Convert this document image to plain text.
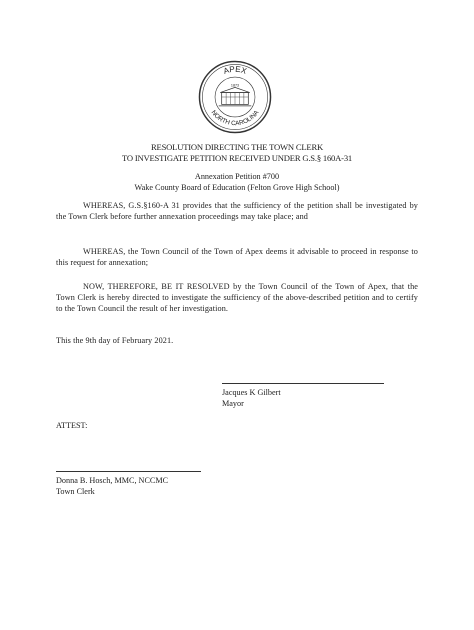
APEX
NORTH CAROLINA
1873
RESOLUTION DIRECTING THE TOWN CLERK
TO INVESTIGATE PETITION RECEIVED UNDER G.S.§ 160A-31
Annexation Petition #700
Wake County Board of Education (Felton Grove High School)
WHEREAS, G.S.§160-A 31 provides that the sufficiency of the petition shall be investigated by the Town Clerk before further annexation proceedings may take place; and
WHEREAS, the Town Council of the Town of Apex deems it advisable to proceed in response to this request for annexation;
NOW, THEREFORE, BE IT RESOLVED by the Town Council of the Town of Apex, that the Town Clerk is hereby directed to investigate the sufficiency of the above-described petition and to certify to the Town Council the result of her investigation.
This the 9th day of February 2021.
Jacques K Gilbert
Mayor
ATTEST:
Donna B. Hosch, MMC, NCCMC
Town Clerk
